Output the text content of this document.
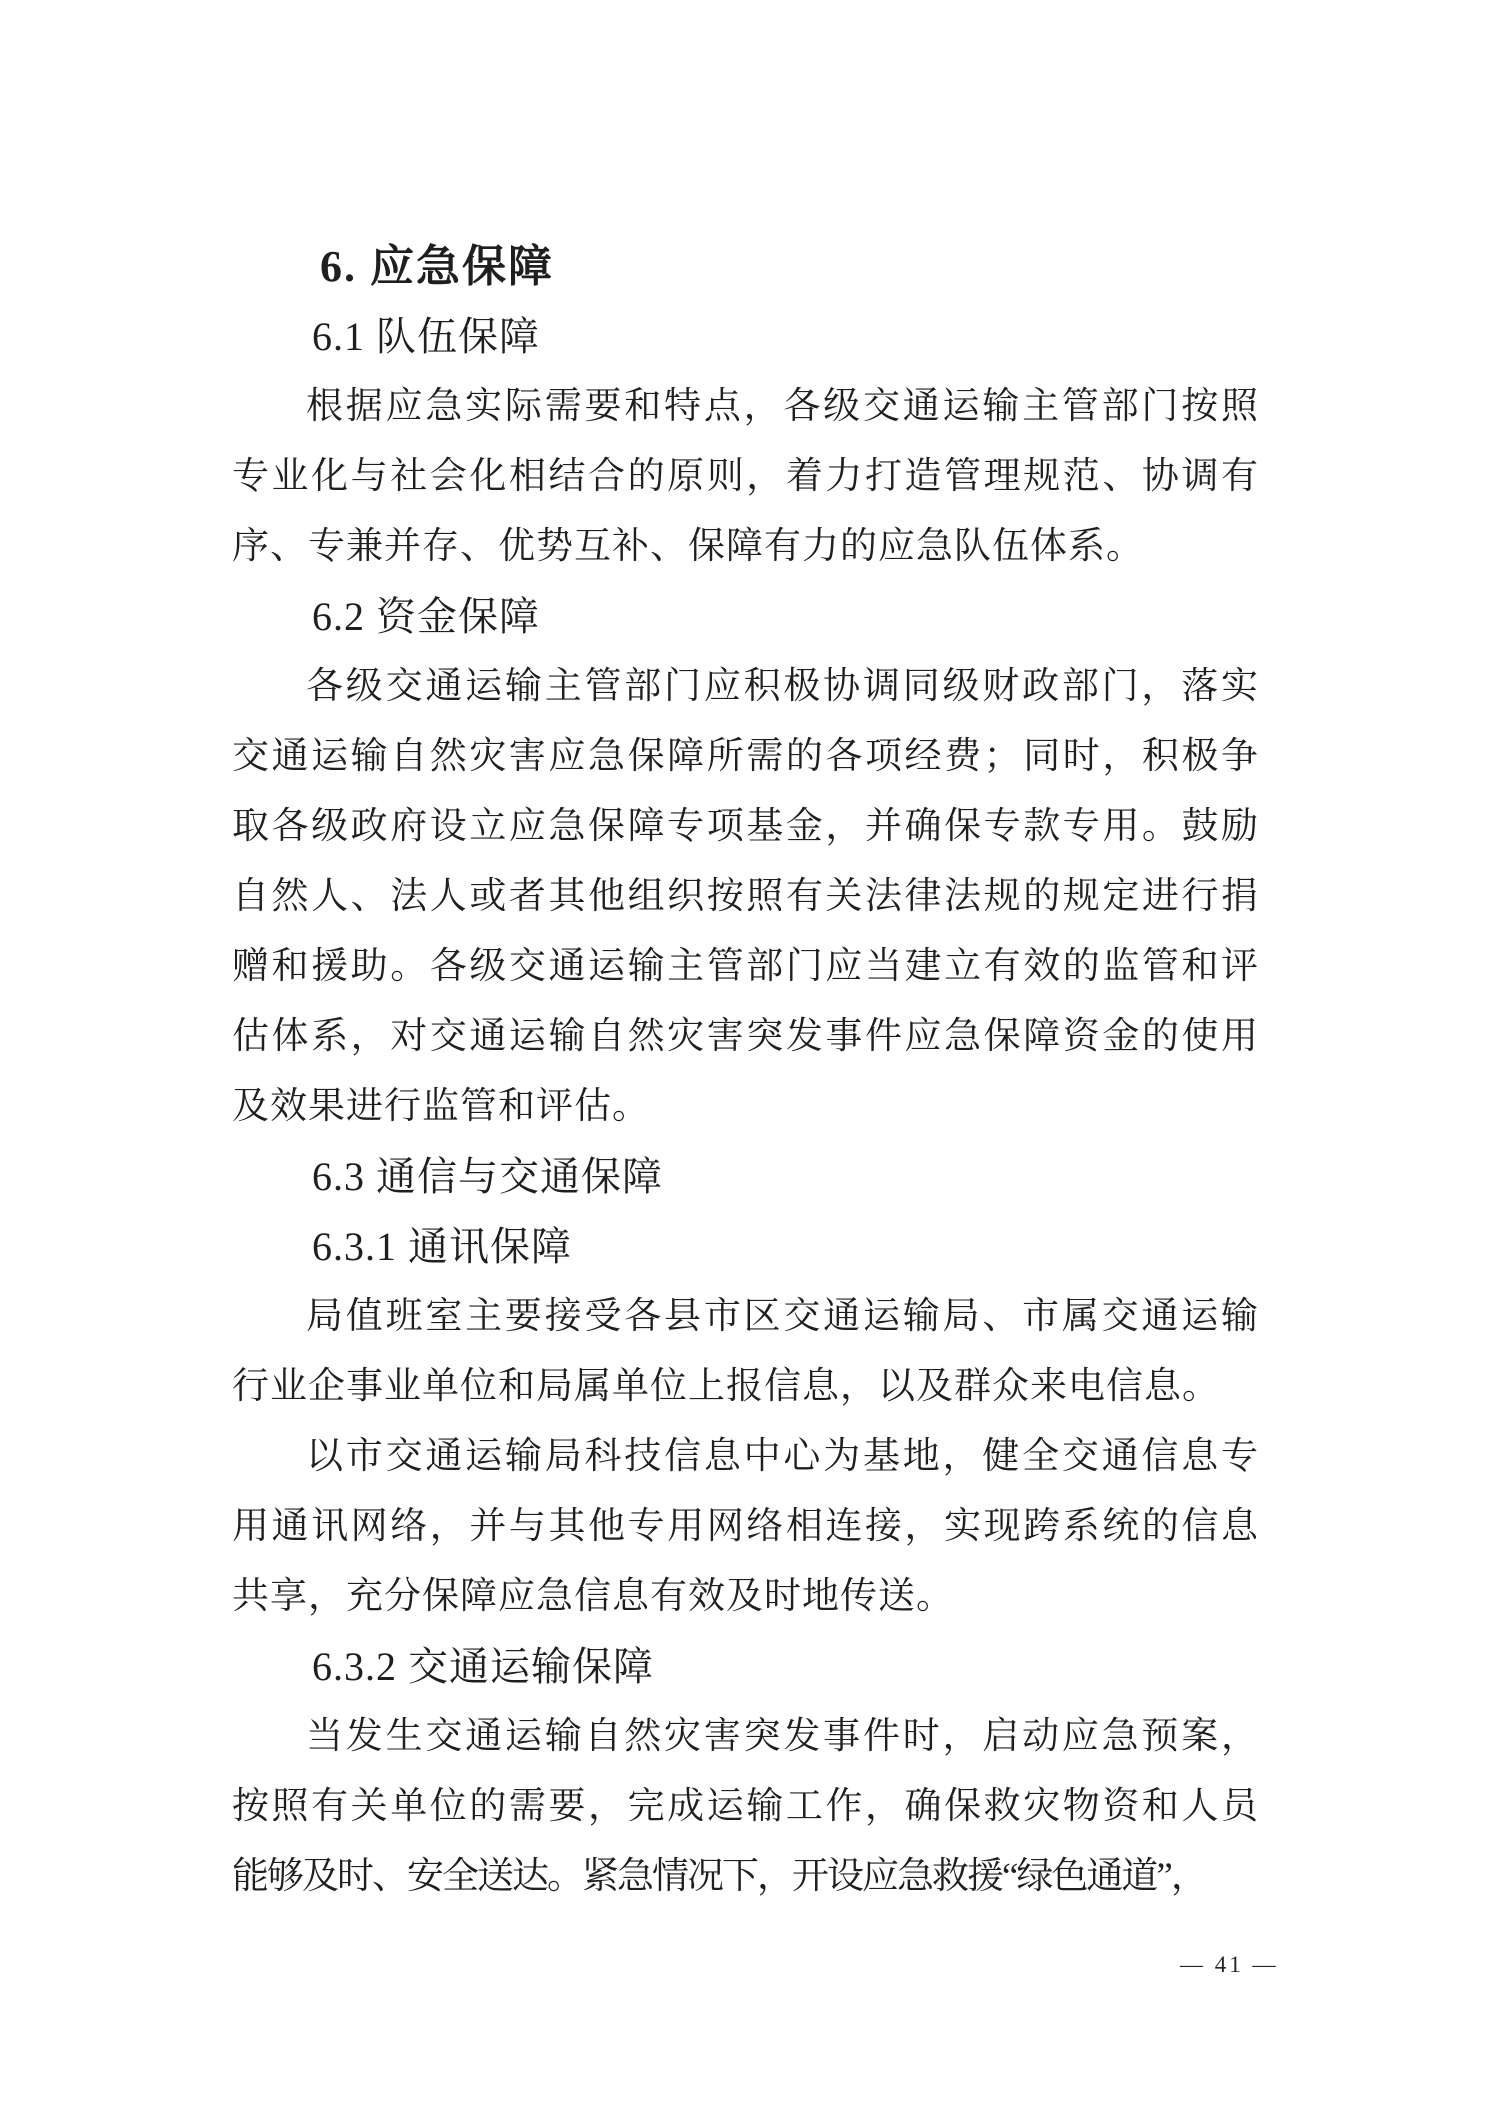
6. 应急保障
6.1 队伍保障
根据应急实际需要和特点，各级交通运输主管部门按照
专业化与社会化相结合的原则，着力打造管理规范、协调有
序、专兼并存、优势互补、保障有力的应急队伍体系。
6.2 资金保障
各级交通运输主管部门应积极协调同级财政部门，落实
交通运输自然灾害应急保障所需的各项经费；同时，积极争
取各级政府设立应急保障专项基金，并确保专款专用。鼓励
自然人、法人或者其他组织按照有关法律法规的规定进行捐
赠和援助。各级交通运输主管部门应当建立有效的监管和评
估体系，对交通运输自然灾害突发事件应急保障资金的使用
及效果进行监管和评估。
6.3 通信与交通保障
6.3.1 通讯保障
局值班室主要接受各县市区交通运输局、市属交通运输
行业企事业单位和局属单位上报信息，以及群众来电信息。
以市交通运输局科技信息中心为基地，健全交通信息专
用通讯网络，并与其他专用网络相连接，实现跨系统的信息
共享，充分保障应急信息有效及时地传送。
6.3.2 交通运输保障
当发生交通运输自然灾害突发事件时，启动应急预案，
按照有关单位的需要，完成运输工作，确保救灾物资和人员
能够及时、安全送达。紧急情况下，开设应急救援“绿色通道”，
— 41 —
